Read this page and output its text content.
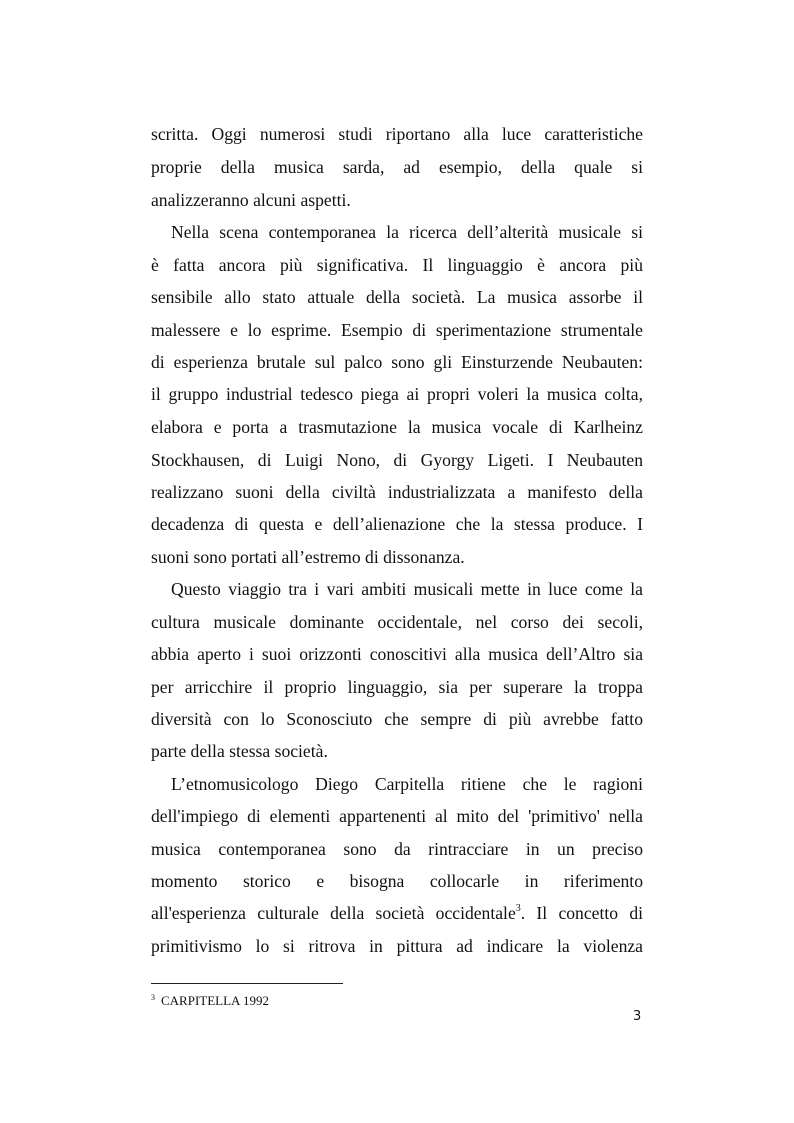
scritta. Oggi numerosi studi riportano alla luce caratteristiche
proprie della musica sarda, ad esempio, della quale si
analizzeranno alcuni aspetti.
Nella scena contemporanea la ricerca dell’alterità musicale si
è fatta ancora più significativa. Il linguaggio è ancora più
sensibile allo stato attuale della società. La musica assorbe il
malessere e lo esprime. Esempio di sperimentazione strumentale
di esperienza brutale sul palco sono gli Einsturzende Neubauten:
il gruppo industrial tedesco piega ai propri voleri la musica colta,
elabora e porta a trasmutazione la musica vocale di Karlheinz
Stockhausen, di Luigi Nono, di Gyorgy Ligeti. I Neubauten
realizzano suoni della civiltà industrializzata a manifesto della
decadenza di questa e dell’alienazione che la stessa produce. I
suoni sono portati all’estremo di dissonanza.
Questo viaggio tra i vari ambiti musicali mette in luce come la
cultura musicale dominante occidentale, nel corso dei secoli,
abbia aperto i suoi orizzonti conoscitivi alla musica dell’Altro sia
per arricchire il proprio linguaggio, sia per superare la troppa
diversità con lo Sconosciuto che sempre di più avrebbe fatto
parte della stessa società.
L’etnomusicologo Diego Carpitella ritiene che le ragioni
dell'impiego di elementi appartenenti al mito del 'primitivo' nella
musica contemporanea sono da rintracciare in un preciso
momento storico e bisogna collocarle in riferimento
all'esperienza culturale della società occidentale$^3$. Il concetto di
primitivismo lo si ritrova in pittura ad indicare la violenza
$^3$ CARPITELLA 1992
3
